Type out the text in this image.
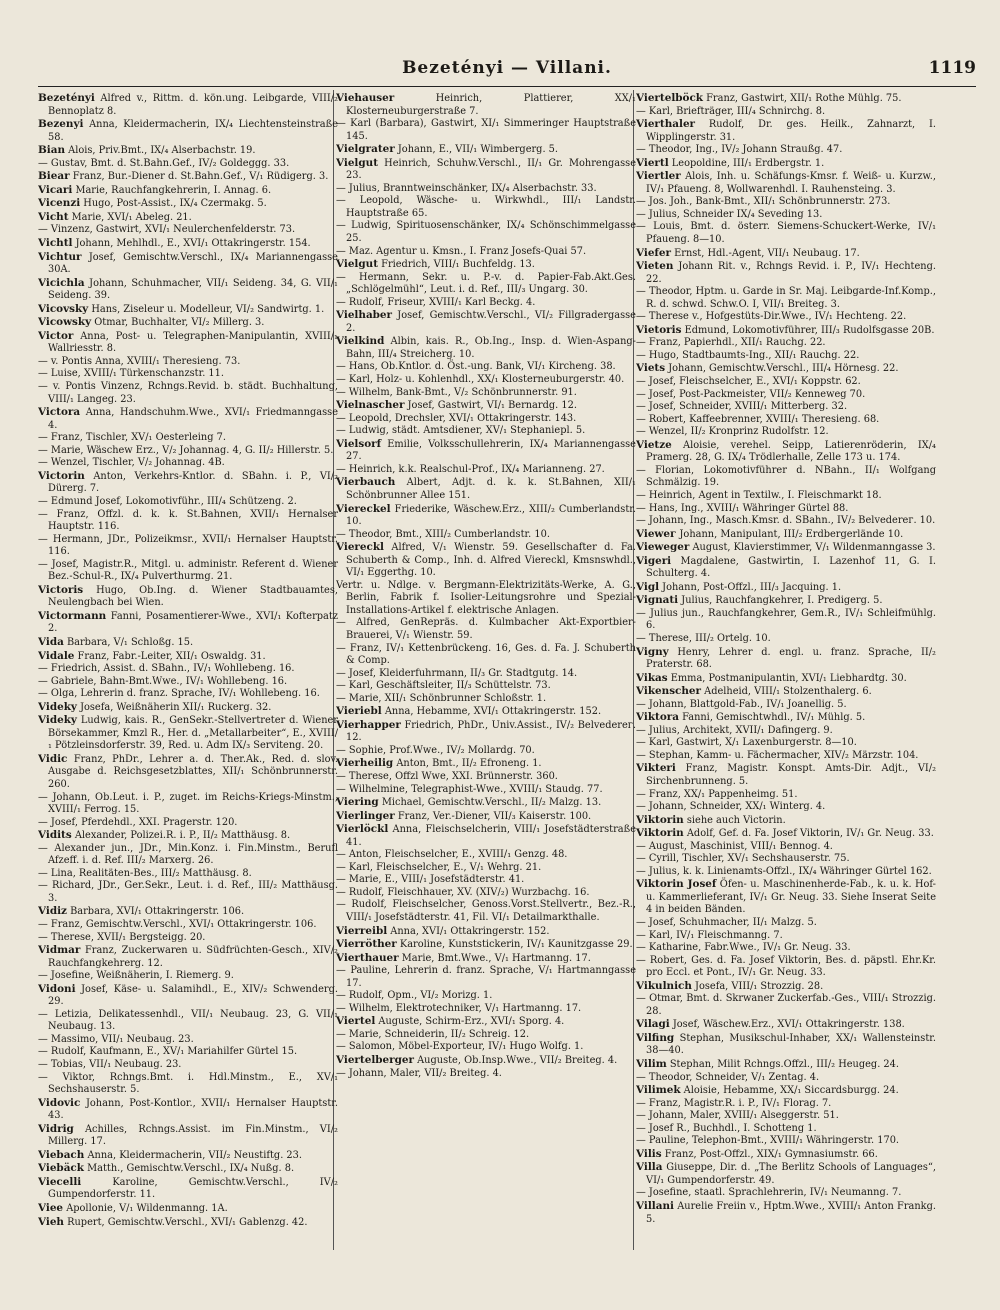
Bezetényi — Villani.	1119

Bezetényi Alfred v., Rittm. d. kön.ung. Leibgarde, VIII/₂ Bennoplatz 8.

Bezenyi Anna, Kleidermacherin, IX/₄ Liechtensteinstraße 58.

Bian Alois, Priv.Bmt., IX/₄ Alserbachstr. 19.

— Gustav, Bmt. d. St.Bahn.Gef., IV/₂ Goldeggg. 33.

Biear Franz, Bur.-Diener d. St.Bahn.Gef., V/₁ Rüdigerg. 3.

Vicari Marie, Rauchfangkehrerin, I. Annag. 6.

Vicenzi Hugo, Post-Assist., IX/₄ Czermakg. 5.

Vicht Marie, XVI/₁ Abeleg. 21.

— Vinzenz, Gastwirt, XVI/₁ Neulerchenfelderstr. 73.

Vichtl Johann, Mehlhdl., E., XVI/₁ Ottakringerstr. 154.

Vichtur Josef, Gemischtw.Verschl., IX/₄ Mariannengasse 30A.

Vicichla Johann, Schuhmacher, VII/₁ Seideng. 34, G. VII/₁ Seideng. 39.

Vicovsky Hans, Ziseleur u. Modelleur, VI/₂ Sandwirtg. 1.

Vicowsky Otmar, Buchhalter, VI/₂ Millerg. 3.

Victor Anna, Post- u. Telegraphen-Manipulantin, XVIII/₁ Wallriesstr. 8.

— v. Pontis Anna, XVIII/₁ Theresieng. 73.

— Luise, XVIII/₁ Türkenschanzstr. 11.

— v. Pontis Vinzenz, Rchngs.Revid. b. städt. Buchhaltung, VIII/₁ Langeg. 23.

Victora Anna, Handschuhm.Wwe., XVI/₁ Friedmanngasse 4.

— Franz, Tischler, XV/₁ Oesterleing 7.

— Marie, Wäschew Erz., V/₂ Johannag. 4, G. II/₂ Hillerstr. 5.

— Wenzel, Tischler, V/₂ Johannag. 4B.

Victorin Anton, Verkehrs-Kntlor. d. SBahn. i. P., VI/₂ Dürerg. 7.

— Edmund Josef, Lokomotivführ., III/₄ Schützeng. 2.

— Franz, Offzl. d. k. k. St.Bahnen, XVII/₁ Hernalser Hauptstr. 116.

— Hermann, JDr., Polizeikmsr., XVII/₁ Hernalser Hauptstr. 116.

— Josef, Magistr.R., Mitgl. u. administr. Referent d. Wiener Bez.-Schul-R., IX/₄ Pulverthurmg. 21.

Victoris Hugo, Ob.Ing. d. Wiener Stadtbauamtes, Neulengbach bei Wien.

Victormann Fanni, Posamentierer-Wwe., XVI/₁ Kofterpatz 2.

Vida Barbara, V/₁ Schloßg. 15.

Vidale Franz, Fabr.-Leiter, XII/₁ Oswaldg. 31.

— Friedrich, Assist. d. SBahn., IV/₁ Wohllebeng. 16.

— Gabriele, Bahn-Bmt.Wwe., IV/₁ Wohllebeng. 16.

— Olga, Lehrerin d. franz. Sprache, IV/₁ Wohllebeng. 16.

Videky Josefa, Weißnäherin XII/₁ Ruckerg. 32.

Videky Ludwig, kais. R., GenSekr.-Stellvertreter d. Wiener Börsekammer, Kmzl R., Her. d. „Metallarbeiter“, E., XVIII/₁ Pötzleinsdorferstr. 39, Red. u. Adm IX/₃ Serviteng. 20.

Vidic Franz, PhDr., Lehrer a. d. Ther.Ak., Red. d. slov. Ausgabe d. Reichsgesetzblattes, XII/₁ Schönbrunnerstr. 260.

— Johann, Ob.Leut. i. P., zuget. im Reichs-Kriegs-Minstm., XVIII/₁ Ferrog. 15.

— Josef, Pferdehdl., XXI. Pragerstr. 120.

Vidits Alexander, Polizei.R. i. P., II/₂ Matthäusg. 8.

— Alexander jun., JDr., Min.Konz. i. Fin.Minstm., Berufl Afzeff. i. d. Ref. III/₂ Marxerg. 26.

— Lina, Realitäten-Bes., III/₂ Matthäusg. 8.

— Richard, JDr., Ger.Sekr., Leut. i. d. Ref., III/₂ Matthäusg. 3.

Vidiz Barbara, XVI/₁ Ottakringerstr. 106.

— Franz, Gemischtw.Verschl., XVI/₁ Ottakringerstr. 106.

— Therese, XVII/₁ Bergsteigg. 20.

Vidmar Franz, Zuckerwaren u. Südfrüchten-Gesch., XIV/₂ Rauchfangkehrerg. 12.

— Josefine, Weißnäherin, I. Riemerg. 9.

Vidoni Josef, Käse- u. Salamihdl., E., XIV/₂ Schwenderg. 29.

— Letizia, Delikatessenhdl., VII/₁ Neubaug. 23, G. VII/₁ Neubaug. 13.

— Massimo, VII/₁ Neubaug. 23.

— Rudolf, Kaufmann, E., XV/₁ Mariahilfer Gürtel 15.

— Tobias, VII/₁ Neubaug. 23.

— Viktor, Rchngs.Bmt. i. Hdl.Minstm., E., XV/₁ Sechshauserstr. 5.

Vidovic Johann, Post-Kontlor., XVII/₁ Hernalser Hauptstr. 43.

Vidrig Achilles, Rchngs.Assist. im Fin.Minstm., VI/₂ Millerg. 17.

Viebach Anna, Kleidermacherin, VII/₂ Neustiftg. 23.

Viebäck Matth., Gemischtw.Verschl., IX/₄ Nußg. 8.

Viecelli	Karoline, Gemischtw.Verschl., IV/₂ Gumpendorferstr. 11.

Viee Apollonie, V/₁ Wildenmanng. 1A.

Vieh Rupert, Gemischtw.Verschl., XVI/₁ Gablenzg. 42.

Viehauser	Heinrich, Plattierer, XX/₁ Klosterneuburgerstraße 7.

— Karl (Barbara), Gastwirt, XI/₁ Simmeringer Hauptstraße 145.

Vielgrater Johann, E., VII/₁ Wimbergerg. 5.

Vielgut Heinrich, Schuhw.Verschl., II/₁ Gr. Mohrengasse 23.

— Julius, Branntweinschänker, IX/₄ Alserbachstr. 33.

— Leopold, Wäsche- u. Wirkwhdl., III/₁ Landstr. Hauptstraße 65.

— Ludwig, Spirituosenschänker, IX/₄ Schönschimmelgasse 25.

— Maz. Agentur u. Kmsn., I. Franz Josefs-Quai 57.

Vielgut Friedrich, VIII/₁ Buchfeldg. 13.

— Hermann, Sekr. u. P.-v. d. Papier-Fab.Akt.Ges. „Schlögelmühl“, Leut. i. d. Ref., III/₃ Ungarg. 30.

— Rudolf, Friseur, XVIII/₁ Karl Beckg. 4.

Vielhaber Josef, Gemischtw.Verschl., VI/₂ Fillgradergasse 2.

Vielkind Albin, kais. R., Ob.Ing., Insp. d. Wien-Aspang-Bahn, III/₄ Streicherg. 10.

— Hans, Ob.Kntlor. d. Öst.-ung. Bank, VI/₁ Kircheng. 38.

— Karl, Holz- u. Kohlenhdl., XX/₁ Klosterneuburgerstr. 40.

— Wilhelm, Bank-Bmt., V/₂ Schönbrunnerstr. 91.

Vielnascher Josef, Gastwirt, VI/₁ Bernardg. 12.

— Leopold, Drechsler, XVI/₁ Ottakringerstr. 143.

— Ludwig, städt. Amtsdiener, XV/₁ Stephaniepl. 5.

Vielsorf Emilie, Volksschullehrerin, IX/₄ Mariannengasse 27.

— Heinrich, k.k. Realschul-Prof., IX/₄ Marianneng. 27.

Vierbauch Albert, Adjt. d. k. k. St.Bahnen, XII/₁ Schönbrunner Allee 151.

Viereckel Friederike, Wäschew.Erz., XIII/₂ Cumberlandstr. 10.

— Theodor, Bmt., XIII/₂ Cumberlandstr. 10.

Viereckl Alfred, V/₁ Wienstr. 59. Gesellschafter d. Fa. Schuberth & Comp., Inh. d. Alfred Viereckl, Kmsnswhdl., VI/₁ Eggerthg. 10.

Vertr. u. Ndlge. v. Bergmann-Elektrizitäts-Werke, A. G., Berlin, Fabrik f. Isolier-Leitungsrohre und Spezial-Installations-Artikel f. elektrische Anlagen.

— Alfred, GenRepräs. d. Kulmbacher Akt-Exportbier-Brauerei, V/₁ Wienstr. 59.

— Franz, IV/₁ Kettenbrückeng. 16, Ges. d. Fa. J. Schuberth & Comp.

— Josef, Kleiderfuhrmann, II/₃ Gr. Stadtgutg. 14.

— Karl, Geschäftsleiter, II/₃ Schüttelstr. 73.

— Marie, XII/₁ Schönbrunner Schloßstr. 1.

Vieriebl Anna, Hebamme, XVI/₁ Ottakringerstr. 152.

Vierhapper Friedrich, PhDr., Univ.Assist., IV/₂ Belvederег. 12.

— Sophie, Prof.Wwe., IV/₂ Mollardg. 70.

Vierheilig Anton, Bmt., II/₂ Efroneng. 1.

— Therese, Offzl Wwe, XXI. Brünnerstr. 360.

— Wilhelmine, Telegraphist-Wwe., XVIII/₁ Staudg. 77.

Viering Michael, Gemischtw.Verschl., II/₂ Malzg. 13.

Vierlinger Franz, Ver.-Diener, VII/₃ Kaiserstr. 100.

Vierlöckl Anna, Fleischselcherin, VIII/₁ Josefstädterstraße 41.

— Anton, Fleischselcher, E., XVIII/₁ Genzg. 48.

— Karl, Fleischselcher, E., V/₁ Wehrg. 21.

— Marie, E., VIII/₁ Josefstädterstr. 41.

— Rudolf, Fleischhauer, XV. (XIV/₂) Wurzbachg. 16.

— Rudolf, Fleischselcher, Genoss.Vorst.Stellvertr., Bez.-R., VIII/₁ Josefstädterstr. 41, Fil. VI/₁ Detailmarkthalle.

Vierreibl Anna, XVI/₁ Ottakringerstr. 152.

Vierröther Karoline, Kunststickerin, IV/₁ Kaunitzgasse 29.

Vierthauer Marie, Bmt.Wwe., V/₁ Hartmanng. 17.

— Pauline, Lehrerin d. franz. Sprache, V/₁ Hartmanngasse 17.

— Rudolf, Opm., VI/₂ Morizg. 1.

— Wilhelm, Elektrotechniker, V/₁ Hartmanng. 17.

Viertel Auguste, Schirm-Erz., XVI/₁ Sporg. 4.

— Marie, Schneiderin, II/₂ Schreig. 12.

— Salomon, Möbel-Exporteur, IV/₁ Hugo Wolfg. 1.

Viertelberger Auguste, Ob.Insp.Wwe., VII/₂ Breiteg. 4.

— Johann, Maler, VII/₂ Breiteg. 4.

Viertelböck Franz, Gastwirt, XII/₁ Rothe Mühlg. 75.

— Karl, Briefträger, III/₄ Schnirchg. 8.

Vierthaler Rudolf, Dr. ges. Heilk., Zahnarzt, I. Wipplingerstr. 31.

— Theodor, Ing., IV/₂ Johann Straußg. 47.

Viertl Leopoldine, III/₁ Erdbergstr. 1.

Viertler Alois, Inh. u. Schäfungs-Kmsr. f. Weiß- u. Kurzw., IV/₁ Pfaueng. 8, Wollwarenhdl. I. Rauhensteing. 3.

— Jos. Joh., Bank-Bmt., XII/₁ Schönbrunnerstr. 273.

— Julius, Schneider IX/₄ Seveding 13.

— Louis, Bmt. d. österr. Siemens-Schuckert-Werke, IV/₁ Pfaueng. 8—10.

Viefer Ernst, Hdl.-Agent, VII/₁ Neubaug. 17.

Vieten Johann Rit. v., Rchngs Revid. i. P., IV/₁ Hechteng. 22.

— Theodor, Hptm. u. Garde in Sr. Maj. Leibgarde-Inf.Komp., R. d. schwd. Schw.O. I, VII/₁ Breiteg. 3.

— Therese v., Hofgestüts-Dir.Wwe., IV/₁ Hechteng. 22.

Vietoris Edmund, Lokomotivführer, III/₃ Rudolfsgasse 20B.

— Franz, Papierhdl., XII/₁ Rauchg. 22.

— Hugo, Stadtbaumts-Ing., XII/₁ Rauchg. 22.

Viets Johann, Gemischtw.Verschl., III/₄ Hörnesg. 22.

— Josef, Fleischselcher, E., XVI/₁ Koppstr. 62.

— Josef, Post-Packmeister, VII/₂ Kenneweg 70.

— Josef, Schneider, XVIII/₁ Mitterberg. 32.

— Robert, Kaffeebrenner, XVIII/₁ Theresieng. 68.

— Wenzel, II/₂ Kronprinz Rudolfstr. 12.

Vietze Aloisie, verehel. Seipp, Latierenröderin, IX/₄ Pramerg. 28, G. IX/₄ Trödlerhalle, Zelle 173 u. 174.

— Florian, Lokomotivführer d. NBahn., II/₁ Wolfgang Schmälzig. 19.

— Heinrich, Agent in Textilw., I. Fleischmarkt 18.

— Hans, Ing., XVIII/₁ Währinger Gürtel 88.

— Johann, Ing., Masch.Kmsr. d. SBahn., IV/₂ Belvederег. 10.

Viewег Johann, Manipulant, III/₂ Erdbergerlände 10.

Vieweger August, Klavierstimmer, V/₁ Wildenmanngasse 3.

Vigeri Magdalene, Gastwirtin, I. Lazenhof 11, G. I. Schulterg. 4.

Vigl Johann, Post-Offzl., III/₃ Jacquing. 1.

Vignati Julius, Rauchfangkehrer, I. Predigerg. 5.

— Julius jun., Rauchfangkehrer, Gem.R., IV/₁ Schleifmühlg. 6.

— Therese, III/₂ Ortelg. 10.

Vigny Henry, Lehrer d. engl. u. franz. Sprache, II/₂ Praterstr. 68.

Vikas Emma, Postmanipulantin, XVI/₁ Liebhardtg. 30.

Vikenscher Adelheid, VIII/₁ Stolzenthalerg. 6.

— Johann, Blattgold-Fab., IV/₁ Joanellig. 5.

Viktora Fanni, Gemischtwhdl., IV/₁ Mühlg. 5.

— Julius, Architekt, XVII/₁ Dafingerg. 9.

— Karl, Gastwirt, X/₁ Laxenburgerstr. 8—10.

— Stephan, Kamm- u. Fächermacher, XIV/₂ Märzstr. 104.

Vikteri Franz, Magistr. Konspt. Amts-Dir. Adjt., VI/₂ Sirchenbrunneng. 5.

— Franz, XX/₁ Pappenheimg. 51.

— Johann, Schneider, XX/₁ Winterg. 4.

Viktorin siehe auch Victorin.

Viktorin Adolf, Gef. d. Fa. Josef Viktorin, IV/₁ Gr. Neug. 33.

— August, Maschinist, VIII/₁ Bennog. 4.

— Cyrill, Tischler, XV/₁ Sechshauserstr. 75.

— Julius, k. k. Linienamts-Offzl., IX/₄ Währinger Gürtel 162.

Viktorin Josef Öfen- u. Maschinenherde-Fab., k. u. k. Hof- u. Kammerlieferant, IV/₁ Gr. Neug. 33. Siehe Inserat Seite 4 in beiden Bänden.

— Josef, Schuhmacher, II/₁ Malzg. 5.

— Karl, IV/₁ Fleischmanng. 7.

— Katharine, Fabr.Wwe., IV/₁ Gr. Neug. 33.

— Robert, Ges. d. Fa. Josef Viktorin, Bes. d. päpstl. Ehr.Kr. pro Eccl. et Pont., IV/₁ Gr. Neug. 33.

Vikulnich Josefa, VIII/₁ Strozzig. 28.

— Otmar, Bmt. d. Skrwaner Zuckerfab.-Ges., VIII/₁ Strozzig. 28.

Vilagi Josef, Wäschew.Erz., XVI/₁ Ottakringerstr. 138.

Vilfing Stephan, Musikschul-Inhaber, XX/₁ Wallensteinstr. 38—40.

Vilim Stephan, Milit Rchngs.Offzl., III/₂ Heugeg. 24.

— Theodor, Schneider, V/₁ Zentag. 4.

Vilimek Aloisie, Hebamme, XX/₁ Siccardsburgg. 24.

— Franz, Magistr.R. i. P., IV/₁ Florag. 7.

— Johann, Maler, XVIII/₁ Alseggerstr. 51.

— Josef R., Buchhdl., I. Schotteng 1.

— Pauline, Telephon-Bmt., XVIII/₁ Währingerstr. 170.

Vilis Franz, Post-Offzl., XIX/₁ Gymnasiumstr. 66.

Villa Giuseppe, Dir. d. „The Berlitz Schools of Languages“, VI/₁ Gumpendorferstr. 49.

— Josefine, staatl. Sprachlehrerin, IV/₁ Neumanng. 7.

Villani Aurelie Freiin v., Hptm.Wwe., XVIII/₁ Anton Frankg. 5.
